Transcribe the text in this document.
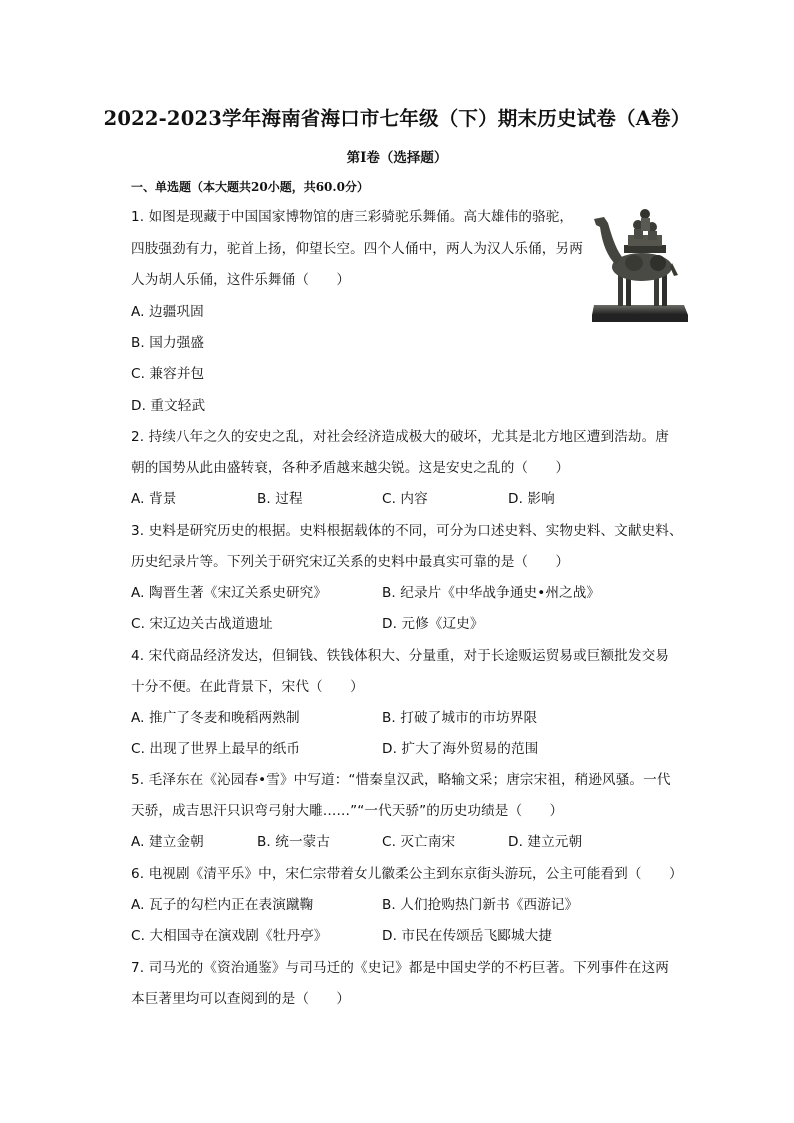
2022-2023学年海南省海口市七年级（下）期末历史试卷（A卷）
第Ⅰ卷（选择题）
一、单选题（本大题共20小题，共60.0分）
1. 如图是现藏于中国国家博物馆的唐三彩骑驼乐舞俑。高大雄伟的骆驼，
四肢强劲有力，驼首上扬，仰望长空。四个人俑中，两人为汉人乐俑，另两
人为胡人乐俑，这件乐舞俑（　　）
A. 边疆巩固
B. 国力强盛
C. 兼容并包
D. 重文轻武
2. 持续八年之久的安史之乱，对社会经济造成极大的破坏，尤其是北方地区遭到浩劫。唐
朝的国势从此由盛转衰，各种矛盾越来越尖锐。这是安史之乱的（　　）
A. 背景	B. 过程	C. 内容	D. 影响
3. 史料是研究历史的根据。史料根据载体的不同，可分为口述史料、实物史料、文献史料、
历史纪录片等。下列关于研究宋辽关系的史料中最真实可靠的是（　　）
A. 陶晋生著《宋辽关系史研究》	B. 纪录片《中华战争通史•州之战》
C. 宋辽边关古战道遗址	D. 元修《辽史》
4. 宋代商品经济发达，但铜钱、铁钱体积大、分量重，对于长途贩运贸易或巨额批发交易
十分不便。在此背景下，宋代（　　）
A. 推广了冬麦和晚稻两熟制	B. 打破了城市的市坊界限
C. 出现了世界上最早的纸币	D. 扩大了海外贸易的范围
5. 毛泽东在《沁园春•雪》中写道：“惜秦皇汉武，略输文采；唐宗宋祖，稍逊风骚。一代
天骄，成吉思汗只识弯弓射大雕……”“一代天骄”的历史功绩是（　　）
A. 建立金朝	B. 统一蒙古	C. 灭亡南宋	D. 建立元朝
6. 电视剧《清平乐》中，宋仁宗带着女儿徽柔公主到东京街头游玩，公主可能看到（　　）
A. 瓦子的勾栏内正在表演蹴鞠	B. 人们抢购热门新书《西游记》
C. 大相国寺在演戏剧《牡丹亭》	D. 市民在传颂岳飞郾城大捷
7. 司马光的《资治通鉴》与司马迁的《史记》都是中国史学的不朽巨著。下列事件在这两
本巨著里均可以查阅到的是（　　）
